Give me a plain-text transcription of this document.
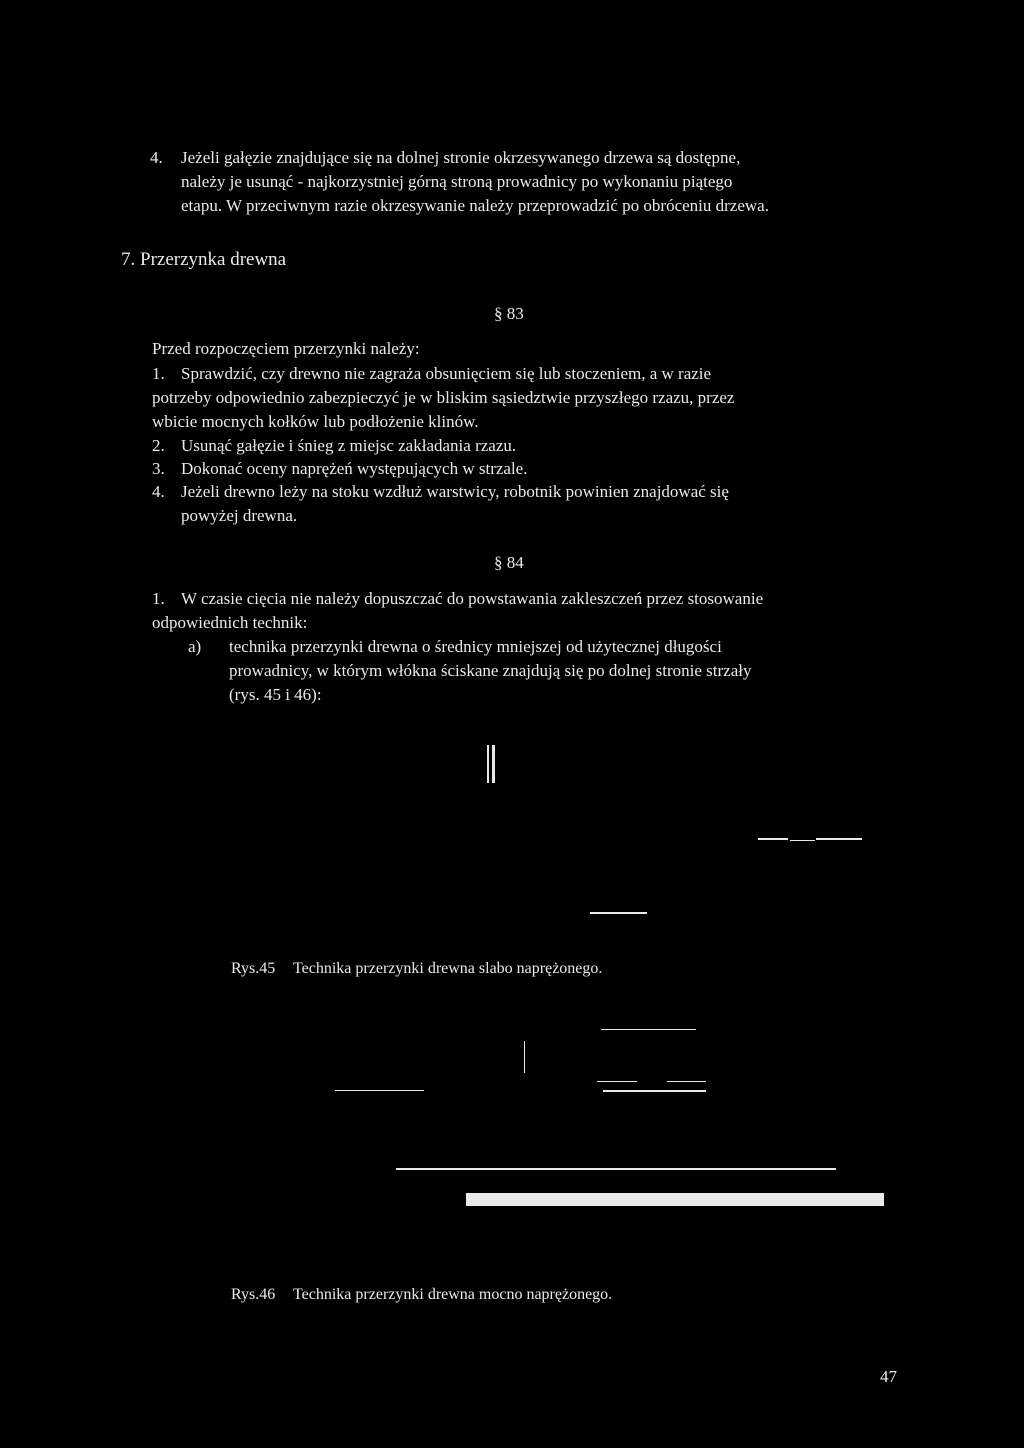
4. Jeżeli gałęzie znajdujące się na dolnej stronie okrzesywanego drzewa są dostępne,
należy je usunąć - najkorzystniej górną stroną prowadnicy po wykonaniu piątego
etapu. W przeciwnym razie okrzesywanie należy przeprowadzić po obróceniu drzewa.
7. Przerzynka drewna
§ 83
Przed rozpoczęciem przerzynki należy:
1. Sprawdzić, czy drewno nie zagraża obsunięciem się lub stoczeniem, a w razie
potrzeby odpowiednio zabezpieczyć je w bliskim sąsiedztwie przyszłego rzazu, przez
wbicie mocnych kołków lub podłożenie klinów.
2. Usunąć gałęzie i śnieg z miejsc zakładania rzazu.
3. Dokonać oceny naprężeń występujących w strzale.
4. Jeżeli drewno leży na stoku wzdłuż warstwicy, robotnik powinien znajdować się
powyżej drewna.
§ 84
1. W czasie cięcia nie należy dopuszczać do powstawania zakleszczeń przez stosowanie
odpowiednich technik:
a) technika przerzynki drewna o średnicy mniejszej od użytecznej długości
prowadnicy, w którym włókna ściskane znajdują się po dolnej stronie strzały
(rys. 45 i 46):
Rys.45 Technika przerzynki drewna slabo naprężonego.
Rys.46 Technika przerzynki drewna mocno naprężonego.
47
